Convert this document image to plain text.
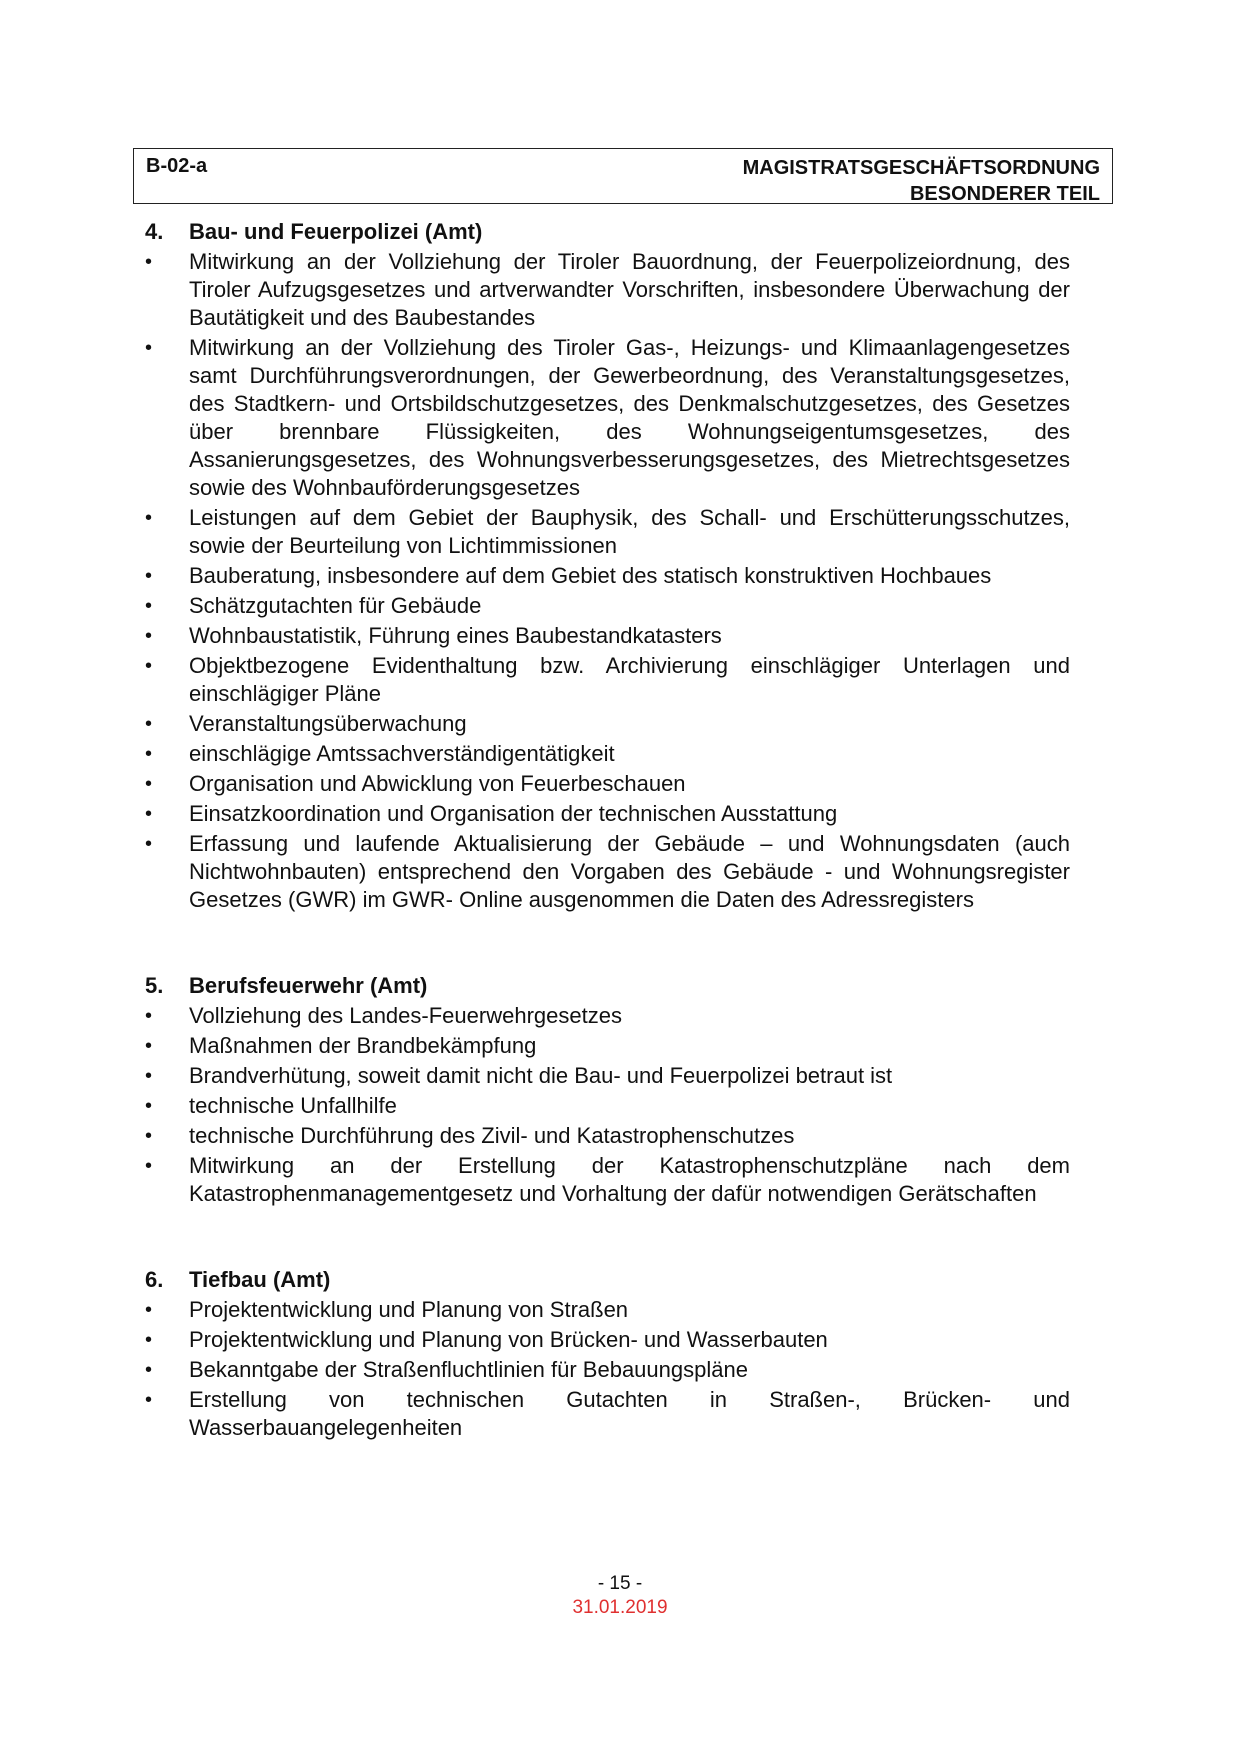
B-02-a	MAGISTRATSGESCHÄFTSORDNUNG
BESONDERER TEIL
4.	Bau- und Feuerpolizei (Amt)
• Mitwirkung an der Vollziehung der Tiroler Bauordnung, der Feuerpolizeiordnung, des Tiroler Aufzugsgesetzes und artverwandter Vorschriften, insbesondere Überwachung der Bautätigkeit und des Baubestandes
• Mitwirkung an der Vollziehung des Tiroler Gas-, Heizungs- und Klimaanlagengesetzes samt Durchführungsverordnungen, der Gewerbeordnung, des Veranstaltungsgesetzes, des Stadtkern- und Ortsbildschutzgesetzes, des Denkmalschutzgesetzes, des Gesetzes über brennbare Flüssigkeiten, des Wohnungseigentumsgesetzes, des Assanierungsgesetzes, des Wohnungsverbesserungsgesetzes, des Mietrechtsgesetzes sowie des Wohnbauförderungsgesetzes
• Leistungen auf dem Gebiet der Bauphysik, des Schall- und Erschütterungsschutzes, sowie der Beurteilung von Lichtimmissionen
• Bauberatung, insbesondere auf dem Gebiet des statisch konstruktiven Hochbaues
• Schätzgutachten für Gebäude
• Wohnbaustatistik, Führung eines Baubestandkatasters
• Objektbezogene Evidenthaltung bzw. Archivierung einschlägiger Unterlagen und einschlägiger Pläne
• Veranstaltungsüberwachung
• einschlägige Amtssachverständigentätigkeit
• Organisation und Abwicklung von Feuerbeschauen
• Einsatzkoordination und Organisation der technischen Ausstattung
• Erfassung und laufende Aktualisierung der Gebäude – und Wohnungsdaten (auch Nichtwohnbauten) entsprechend den Vorgaben des Gebäude - und Wohnungsregister Gesetzes (GWR) im GWR- Online ausgenommen die Daten des Adressregisters
5.	Berufsfeuerwehr (Amt)
• Vollziehung des Landes-Feuerwehrgesetzes
• Maßnahmen der Brandbekämpfung
• Brandverhütung, soweit damit nicht die Bau- und Feuerpolizei betraut ist
• technische Unfallhilfe
• technische Durchführung des Zivil- und Katastrophenschutzes
• Mitwirkung an der Erstellung der Katastrophenschutzpläne nach dem Katastrophenmanagementgesetz und Vorhaltung der dafür notwendigen Gerätschaften
6.	Tiefbau (Amt)
• Projektentwicklung und Planung von Straßen
• Projektentwicklung und Planung von Brücken- und Wasserbauten
• Bekanntgabe der Straßenfluchtlinien für Bebauungspläne
• Erstellung von technischen Gutachten in Straßen-, Brücken- und Wasserbauangelegenheiten
- 15 -
31.01.2019
